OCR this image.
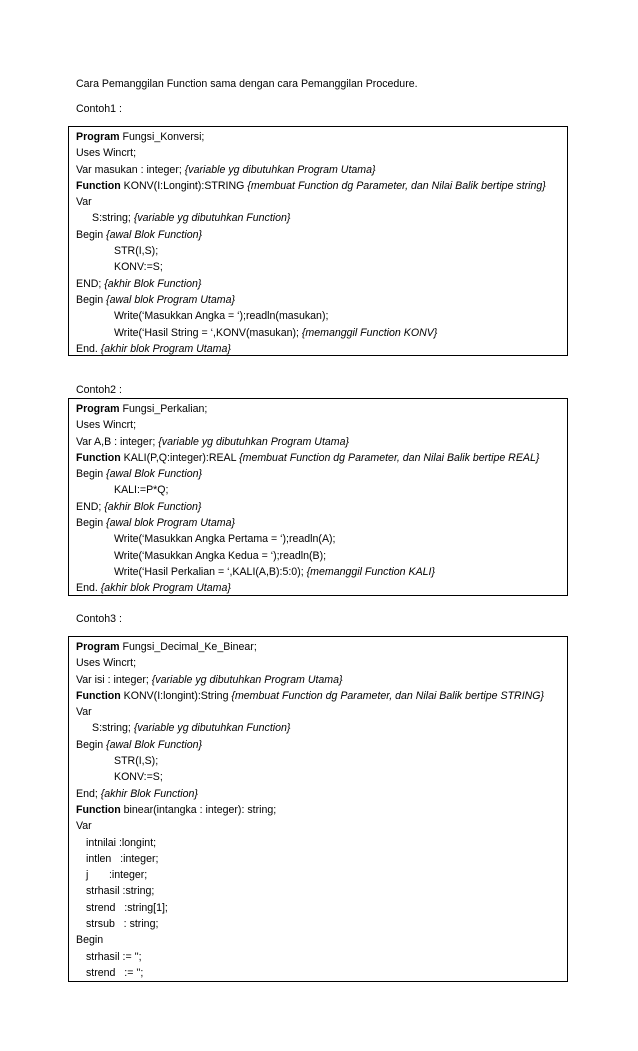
Cara Pemanggilan Function sama dengan cara Pemanggilan Procedure.
Contoh1 :
Program Fungsi_Konversi;
Uses Wincrt;
Var masukan : integer; {variable yg dibutuhkan Program Utama}
Function KONV(I:Longint):STRING {membuat Function dg Parameter, dan Nilai Balik bertipe string}
Var
S:string; {variable yg dibutuhkan Function}
Begin {awal Blok Function}
STR(I,S);
KONV:=S;
END; {akhir Blok Function}
Begin {awal blok Program Utama}
Write(‘Masukkan Angka = ‘);readln(masukan);
Write(‘Hasil String = ‘,KONV(masukan); {memanggil Function KONV}
End. {akhir blok Program Utama}
Contoh2 :
Program Fungsi_Perkalian;
Uses Wincrt;
Var A,B : integer; {variable yg dibutuhkan Program Utama}
Function KALI(P,Q:integer):REAL {membuat Function dg Parameter, dan Nilai Balik bertipe REAL}
Begin {awal Blok Function}
KALI:=P*Q;
END; {akhir Blok Function}
Begin {awal blok Program Utama}
Write(‘Masukkan Angka Pertama = ‘);readln(A);
Write(‘Masukkan Angka Kedua = ‘);readln(B);
Write(‘Hasil Perkalian = ‘,KALI(A,B):5:0); {memanggil Function KALI}
End. {akhir blok Program Utama}
Contoh3 :
Program Fungsi_Decimal_Ke_Binear;
Uses Wincrt;
Var isi : integer; {variable yg dibutuhkan Program Utama}
Function KONV(I:longint):String {membuat Function dg Parameter, dan Nilai Balik bertipe STRING}
Var
S:string; {variable yg dibutuhkan Function}
Begin {awal Blok Function}
STR(I,S);
KONV:=S;
End; {akhir Blok Function}
Function binear(intangka : integer): string;
Var
intnilai :longint;
intlen   :integer;
j       :integer;
strhasil :string;
strend   :string[1];
strsub   : string;
Begin
strhasil := '';
strend   := '';
